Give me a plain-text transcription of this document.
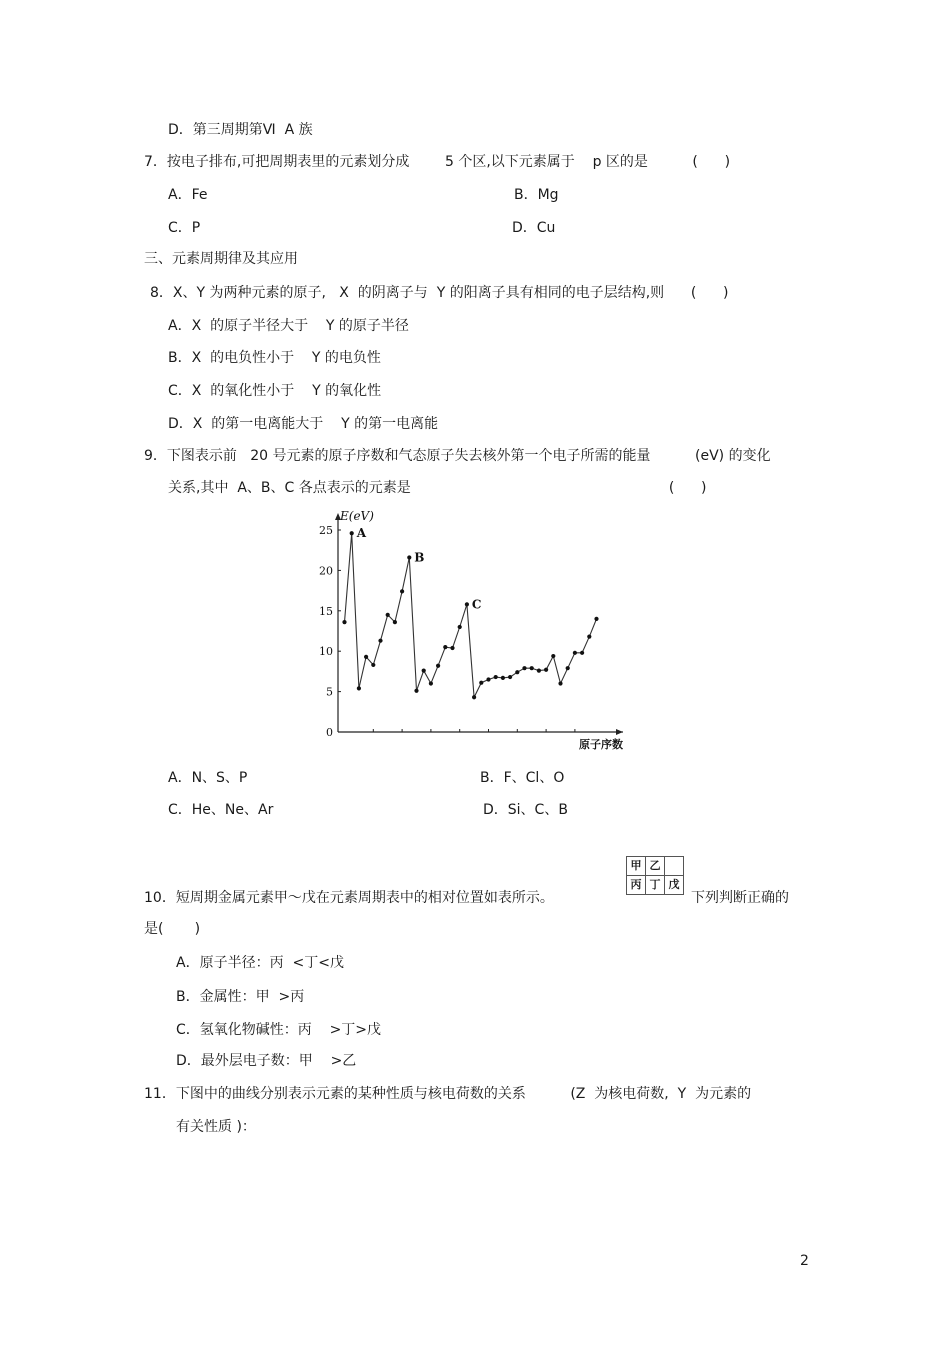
D．第三周期第Ⅵ  A 族
7．按电子排布,可把周期表里的元素划分成        5 个区,以下元素属于    p 区的是          (      )
A．Fe	B．Mg
C．P	D．Cu
三、元素周期律及其应用
8．X、Y 为两种元素的原子,   X  的阴离子与  Y 的阳离子具有相同的电子层结构,则      (      )
A．X  的原子半径大于    Y 的原子半径
B．X  的电负性小于    Y 的电负性
C．X  的氧化性小于    Y 的氧化性
D．X  的第一电离能大于    Y 的第一电离能
9．下图表示前   20 号元素的原子序数和气态原子失去核外第一个电子所需的能量          (eV) 的变化
关系,其中  A、B、C 各点表示的元素是                                                          (      )
0
5
10
15
20
25
E(eV)
原子序数
A
B
C
A．N、S、P	B．F、Cl、O
C．He、Ne、Ar	D．Si、C、B
10．短周期金属元素甲～戊在元素周期表中的相对位置如表所示。
甲	乙	
丙	丁	戊
下列判断正确的
是(       )
A．原子半径：丙  <丁<戊
B．金属性：甲  >丙
C．氢氧化物碱性：丙    >丁>戊
D．最外层电子数：甲    >乙
11．下图中的曲线分别表示元素的某种性质与核电荷数的关系          (Z  为核电荷数,  Y  为元素的
有关性质 )：
2
